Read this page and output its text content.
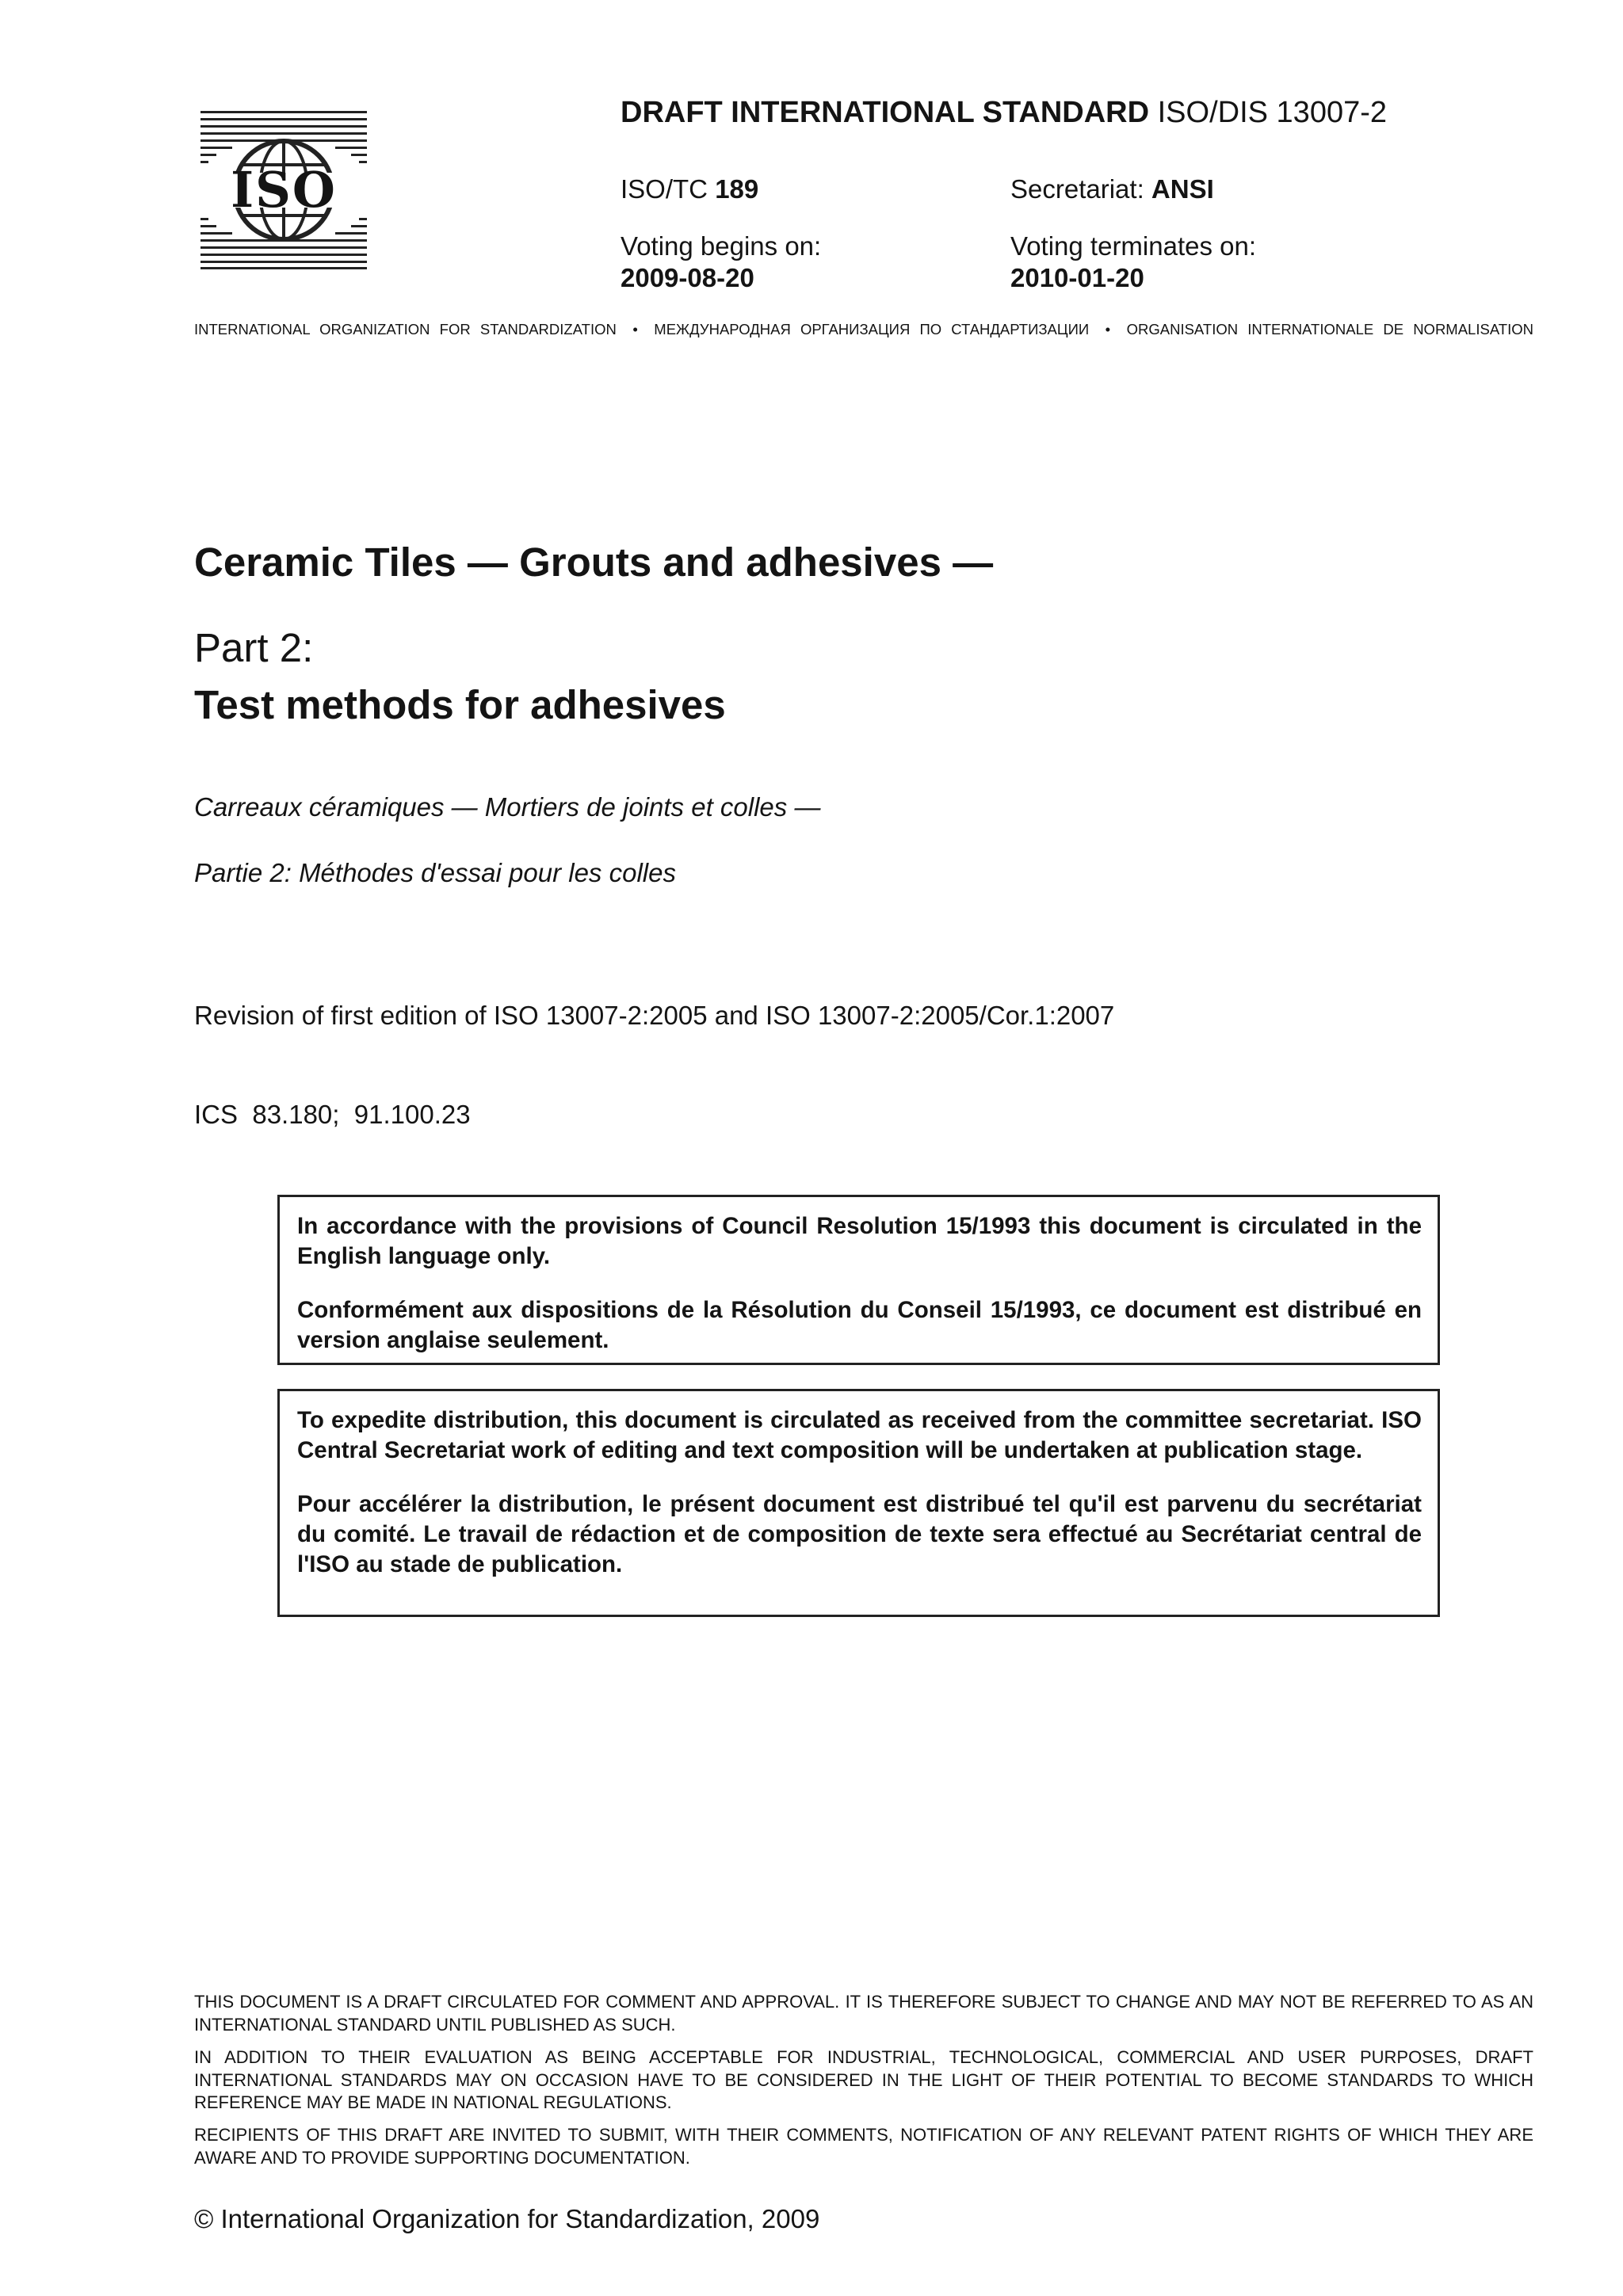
ISO
DRAFT INTERNATIONAL STANDARD ISO/DIS 13007-2
ISO/TC 189	Secretariat: ANSI
Voting begins on:
2009-08-20
Voting terminates on:
2010-01-20
INTERNATIONAL ORGANIZATION FOR STANDARDIZATION • МЕЖДУНАРОДНАЯ ОРГАНИЗАЦИЯ ПО СТАНДАРТИЗАЦИИ • ORGANISATION INTERNATIONALE DE NORMALISATION
Ceramic Tiles — Grouts and adhesives —
Part 2:
Test methods for adhesives
Carreaux céramiques — Mortiers de joints et colles —
Partie 2: Méthodes d'essai pour les colles
Revision of first edition of ISO 13007-2:2005 and ISO 13007-2:2005/Cor.1:2007
ICS  83.180;  91.100.23

In accordance with the provisions of Council Resolution 15/1993 this document is circulated in the English language only.

Conformément aux dispositions de la Résolution du Conseil 15/1993, ce document est distribué en version anglaise seulement.

To expedite distribution, this document is circulated as received from the committee secretariat. ISO Central Secretariat work of editing and text composition will be undertaken at publication stage.

Pour accélérer la distribution, le présent document est distribué tel qu'il est parvenu du secrétariat du comité. Le travail de rédaction et de composition de texte sera effectué au Secrétariat central de l'ISO au stade de publication.

THIS DOCUMENT IS A DRAFT CIRCULATED FOR COMMENT AND APPROVAL. IT IS THEREFORE SUBJECT TO CHANGE AND MAY NOT BE REFERRED TO AS AN INTERNATIONAL STANDARD UNTIL PUBLISHED AS SUCH.
IN ADDITION TO THEIR EVALUATION AS BEING ACCEPTABLE FOR INDUSTRIAL, TECHNOLOGICAL, COMMERCIAL AND USER PURPOSES, DRAFT INTERNATIONAL STANDARDS MAY ON OCCASION HAVE TO BE CONSIDERED IN THE LIGHT OF THEIR POTENTIAL TO BECOME STANDARDS TO WHICH REFERENCE MAY BE MADE IN NATIONAL REGULATIONS.
RECIPIENTS OF THIS DRAFT ARE INVITED TO SUBMIT, WITH THEIR COMMENTS, NOTIFICATION OF ANY RELEVANT PATENT RIGHTS OF WHICH THEY ARE AWARE AND TO PROVIDE SUPPORTING DOCUMENTATION.
© International Organization for Standardization, 2009
